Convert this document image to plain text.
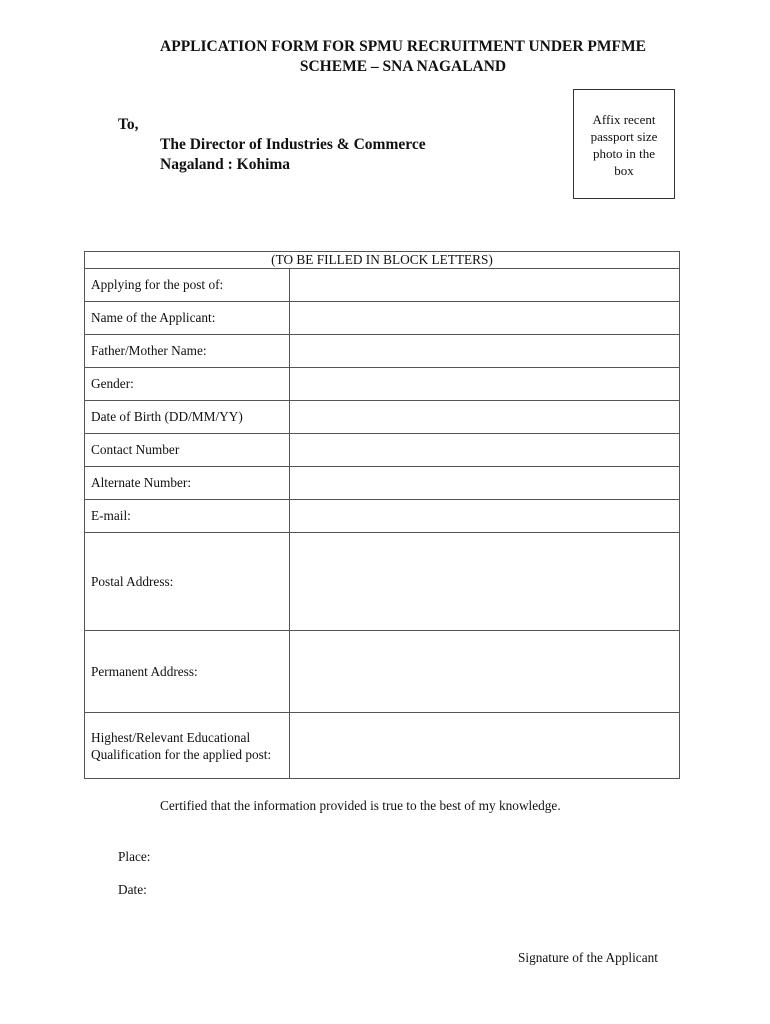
APPLICATION FORM FOR SPMU RECRUITMENT UNDER PMFME
SCHEME – SNA NAGALAND
To,
The Director of Industries & Commerce
Nagaland : Kohima
Affix recent
passport size
photo in the
box
(TO BE FILLED IN BLOCK LETTERS)	
Applying for the post of:	
Name of the Applicant:	
Father/Mother Name:	
Gender:	
Date of Birth (DD/MM/YY)	
Contact Number	
Alternate Number:	
E-mail:	
Postal Address:	
Permanent Address:	
Highest/Relevant Educational Qualification for the applied post:	
Certified that the information provided is true to the best of my knowledge.
Place:
Date:
Signature of the Applicant
